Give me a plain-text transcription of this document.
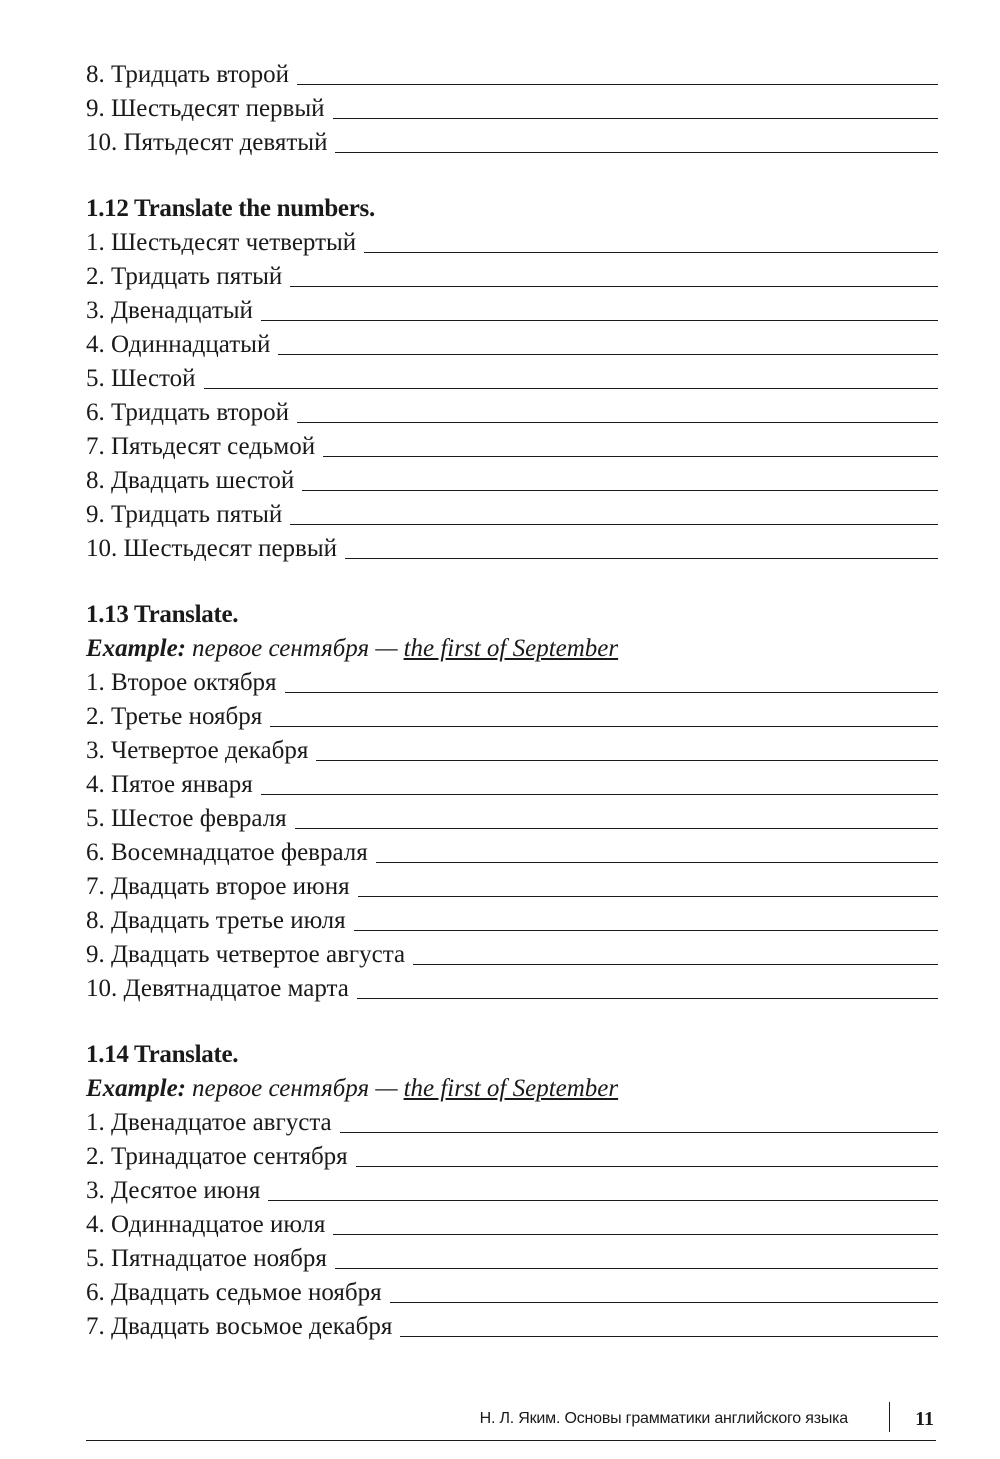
8. Тридцать второй
9. Шестьдесят первый
10. Пятьдесят девятый
1.12 Translate the numbers.
1. Шестьдесят четвертый
2. Тридцать пятый
3. Двенадцатый
4. Одиннадцатый
5. Шестой
6. Тридцать второй
7. Пятьдесят седьмой
8. Двадцать шестой
9. Тридцать пятый
10. Шестьдесят первый
1.13 Translate.
Example: первое сентября — the first of September
1. Второе октября
2. Третье ноября
3. Четвертое декабря
4. Пятое января
5. Шестое февраля
6. Восемнадцатое февраля
7. Двадцать второе июня
8. Двадцать третье июля
9. Двадцать четвертое августа
10. Девятнадцатое марта
1.14 Translate.
Example: первое сентября — the first of September
1. Двенадцатое августа
2. Тринадцатое сентября
3. Десятое июня
4. Одиннадцатое июля
5. Пятнадцатое ноября
6. Двадцать седьмое ноября
7. Двадцать восьмое декабря
Н. Л. Яким. Основы грамматики английского языка	11
